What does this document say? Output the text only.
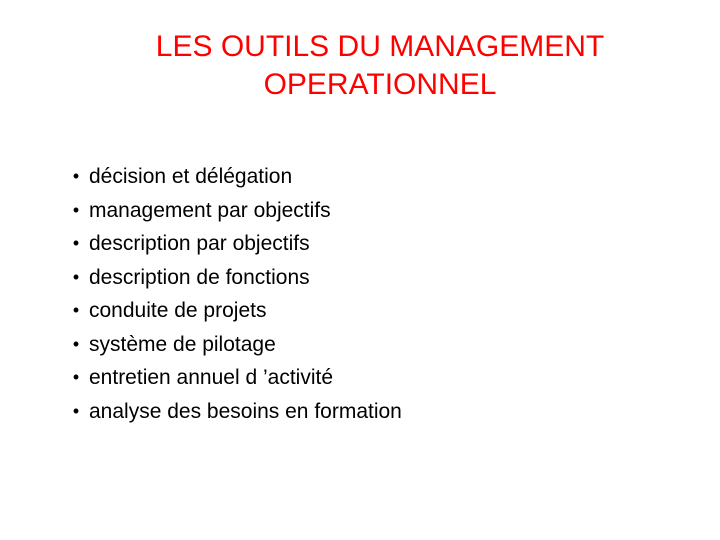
LES OUTILS DU MANAGEMENT
OPERATIONNEL
• décision et délégation
• management par objectifs
• description par objectifs
• description de fonctions
• conduite de projets
• système de pilotage
• entretien annuel d ’activité
• analyse des besoins en formation
